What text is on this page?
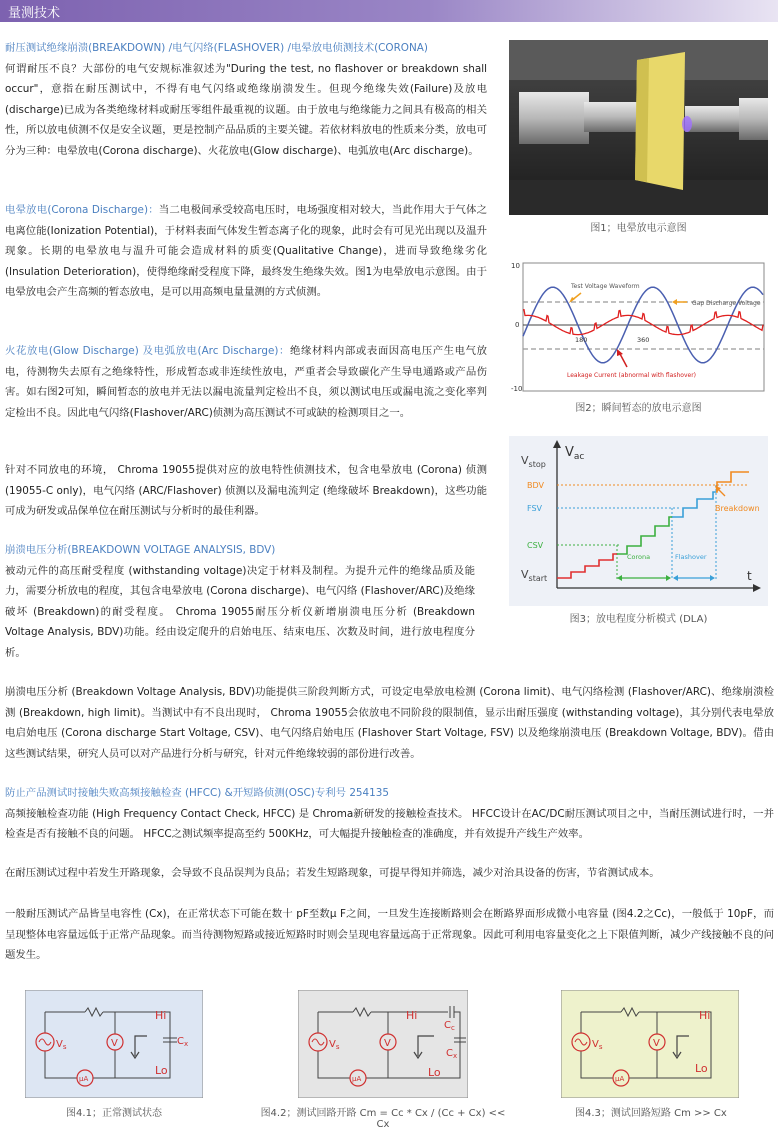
量测技术
耐压测试绝缘崩溃(BREAKDOWN) /电气闪络(FLASHOVER) /电晕放电侦测技术(CORONA)

何谓耐压不良？大部份的电气安规标准叙述为"During the test, no flashover or breakdown shall occur"，意指在耐压测试中，不得有电气闪络或绝缘崩溃发生。但现今绝缘失效(Failure)及放电(discharge)已成为各类绝缘材料或耐压零组件最重视的议题。由于放电与绝缘能力之间具有极高的相关性，所以放电侦测不仅是安全议题，更是控制产品品质的主要关键。若依材料放电的性质来分类，放电可分为三种：电晕放电(Corona discharge)、火花放电(Glow discharge)、电弧放电(Arc discharge)。

电晕放电(Corona Discharge)：当二电极间承受较高电压时，电场强度相对较大，当此作用大于气体之电离位能(Ionization Potential)，于材料表面气体发生暂态离子化的现象，此时会有可见光出现以及温升现象。长期的电晕放电与温升可能会造成材料的质变(Qualitative Change)，进而导致绝缘劣化 (Insulation Deterioration)，使得绝缘耐受程度下降，最终发生绝缘失效。图1为电晕放电示意图。由于电晕放电会产生高频的暂态放电，是可以用高频电量量测的方式侦测。

火花放电(Glow Discharge) 及电弧放电(Arc Discharge)：绝缘材料内部或表面因高电压产生电气放电，待测物失去原有之绝缘特性，形成暂态或非连续性放电，严重者会导致碳化产生导电通路或产品伤害。如右图2可知，瞬间暂态的放电并无法以漏电流量判定检出不良，须以测试电压或漏电流之变化率判定检出不良。因此电气闪络(Flashover/ARC)侦测为高压测试不可或缺的检测项目之一。

针对不同放电的环境， Chroma 19055提供对应的放电特性侦测技术，包含电晕放电 (Corona) 侦测 (19055-C only)，电气闪络 (ARC/Flashover) 侦测以及漏电流判定 (绝缘破坏 Breakdown)，这些功能可成为研发或品保单位在耐压测试与分析时的最佳利器。

崩溃电压分析(BREAKDOWN VOLTAGE ANALYSIS, BDV)

被动元件的高压耐受程度 (withstanding voltage)决定于材料及制程。为提升元件的绝缘品质及能力，需要分析放电的程度，其包含电晕放电 (Corona discharge)、电气闪络 (Flashover/ARC)及绝缘破坏 (Breakdown)的耐受程度。 Chroma 19055耐压分析仪新增崩溃电压分析 (Breakdown Voltage Analysis, BDV)功能。经由设定爬升的启始电压、结束电压、次数及时间，进行放电程度分析。

崩溃电压分析 (Breakdown Voltage Analysis, BDV)功能提供三阶段判断方式，可设定电晕放电检测 (Corona limit)、电气闪络检测 (Flashover/ARC)、绝缘崩溃检测 (Breakdown, high limit)。当测试中有不良出现时， Chroma 19055会依放电不同阶段的限制值，显示出耐压强度 (withstanding voltage)，其分别代表电晕放电启始电压 (Corona discharge Start Voltage, CSV)、电气闪络启始电压 (Flashover Start Voltage, FSV) 以及绝缘崩溃电压 (Breakdown Voltage, BDV)。借由这些测试结果，研究人员可以对产品进行分析与研究，针对元件绝缘较弱的部份进行改善。

防止产品测试时接触失败高频接触检查 (HFCC) &开短路侦测(OSC)专利号 254135

高频接触检查功能 (High Frequency Contact Check, HFCC) 是 Chroma新研发的接触检查技术。 HFCC设计在AC/DC耐压测试项目之中，当耐压测试进行时，一并检查是否有接触不良的问题。 HFCC之测试频率提高至约 500KHz，可大幅提升接触检查的准确度，并有效提升产线生产效率。

在耐压测试过程中若发生开路现象，会导致不良品误判为良品；若发生短路现象，可提早得知并筛选，减少对治具设备的伤害，节省测试成本。

一般耐压测试产品皆呈电容性 (Cx)，在正常状态下可能在数十 pF至数μ F之间，一旦发生连接断路则会在断路界面形成微小电容量 (图4.2之Cc)，一般低于 10pF，而呈现整体电容量远低于正常产品现象。而当待测物短路或接近短路时时则会呈现电容量远高于正常现象。因此可利用电容量变化之上下限值判断，减少产线接触不良的问题发生。

图1；电晕放电示意图
10
0
-10
180	360
Test Voltage Waveform
Gap Discharge Voltage
Leakage Current (abnormal with flashover)
图2；瞬间暂态的放电示意图
$V_{ac}$
$V_{stop}$
$V_{start}$	t
BDV
FSV
CSV
Corona	Flashover
Breakdown
图3；放电程度分析模式 (DLA)
$V_s$	V
μA
Hi
Lo
$C_x$
图4.1；正常测试状态
$V_s$	V
μA
Hi
Lo
$C_c$
$C_x$
图4.2；测试回路开路 Cm = Cc * Cx / (Cc + Cx) << Cx
$V_s$	V
μA
Hi
Lo
图4.3；测试回路短路 Cm >> Cx
